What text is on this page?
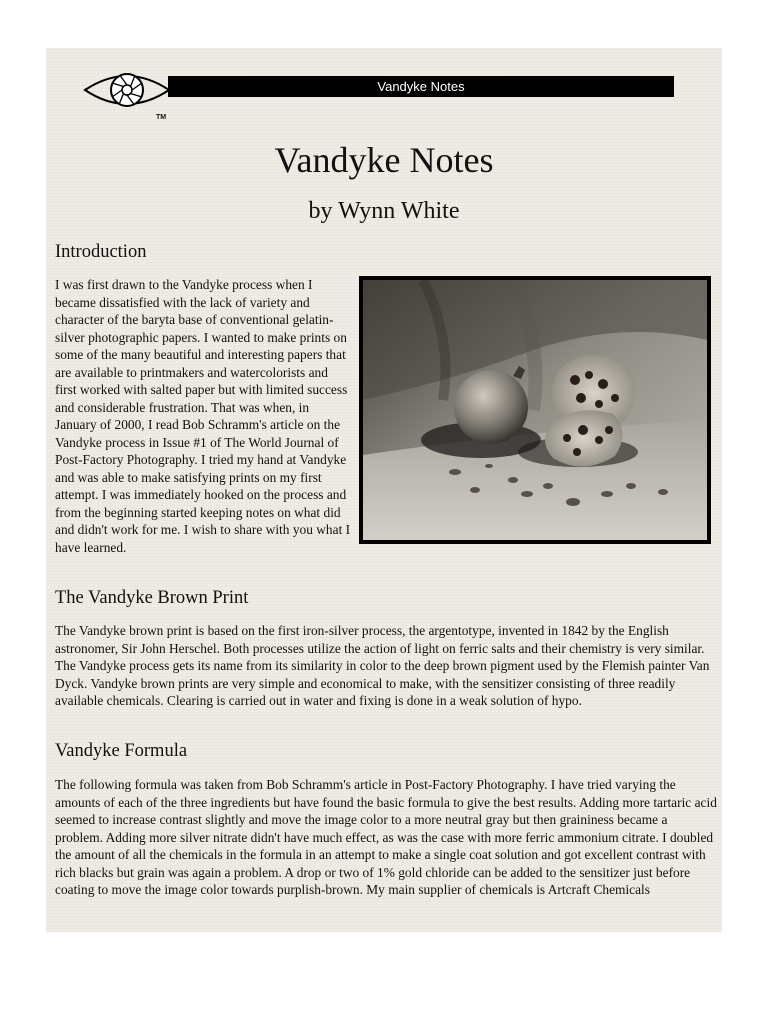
TM
Vandyke Notes
Vandyke Notes
by Wynn White
Introduction
I was first drawn to the Vandyke process when I became dissatisfied with the lack of variety and character of the baryta base of conventional gelatin-silver photographic papers. I wanted to make prints on some of the many beautiful and interesting papers that are available to printmakers and watercolorists and first worked with salted paper but with limited success and considerable frustration. That was when, in January of 2000, I read Bob Schramm's article on the Vandyke process in Issue #1 of The World Journal of Post-Factory Photography. I tried my hand at Vandyke and was able to make satisfying prints on my first attempt. I was immediately hooked on the process and from the beginning started keeping notes on what did and didn't work for me. I wish to share with you what I have learned.
The Vandyke Brown Print

The Vandyke brown print is based on the first iron-silver process, the argentotype, invented in 1842 by the English astronomer, Sir John Herschel. Both processes utilize the action of light on ferric salts and their chemistry is very similar. The Vandyke process gets its name from its similarity in color to the deep brown pigment used by the Flemish painter Van Dyck. Vandyke brown prints are very simple and economical to make, with the sensitizer consisting of three readily available chemicals. Clearing is carried out in water and fixing is done in a weak solution of hypo.

Vandyke Formula

The following formula was taken from Bob Schramm's article in Post-Factory Photography. I have tried varying the amounts of each of the three ingredients but have found the basic formula to give the best results. Adding more tartaric acid seemed to increase contrast slightly and move the image color to a more neutral gray but then graininess became a problem. Adding more silver nitrate didn't have much effect, as was the case with more ferric ammonium citrate. I doubled the amount of all the chemicals in the formula in an attempt to make a single coat solution and got excellent contrast with rich blacks but grain was again a problem. A drop or two of 1% gold chloride can be added to the sensitizer just before coating to move the image color towards purplish-brown. My main supplier of chemicals is Artcraft Chemicals
